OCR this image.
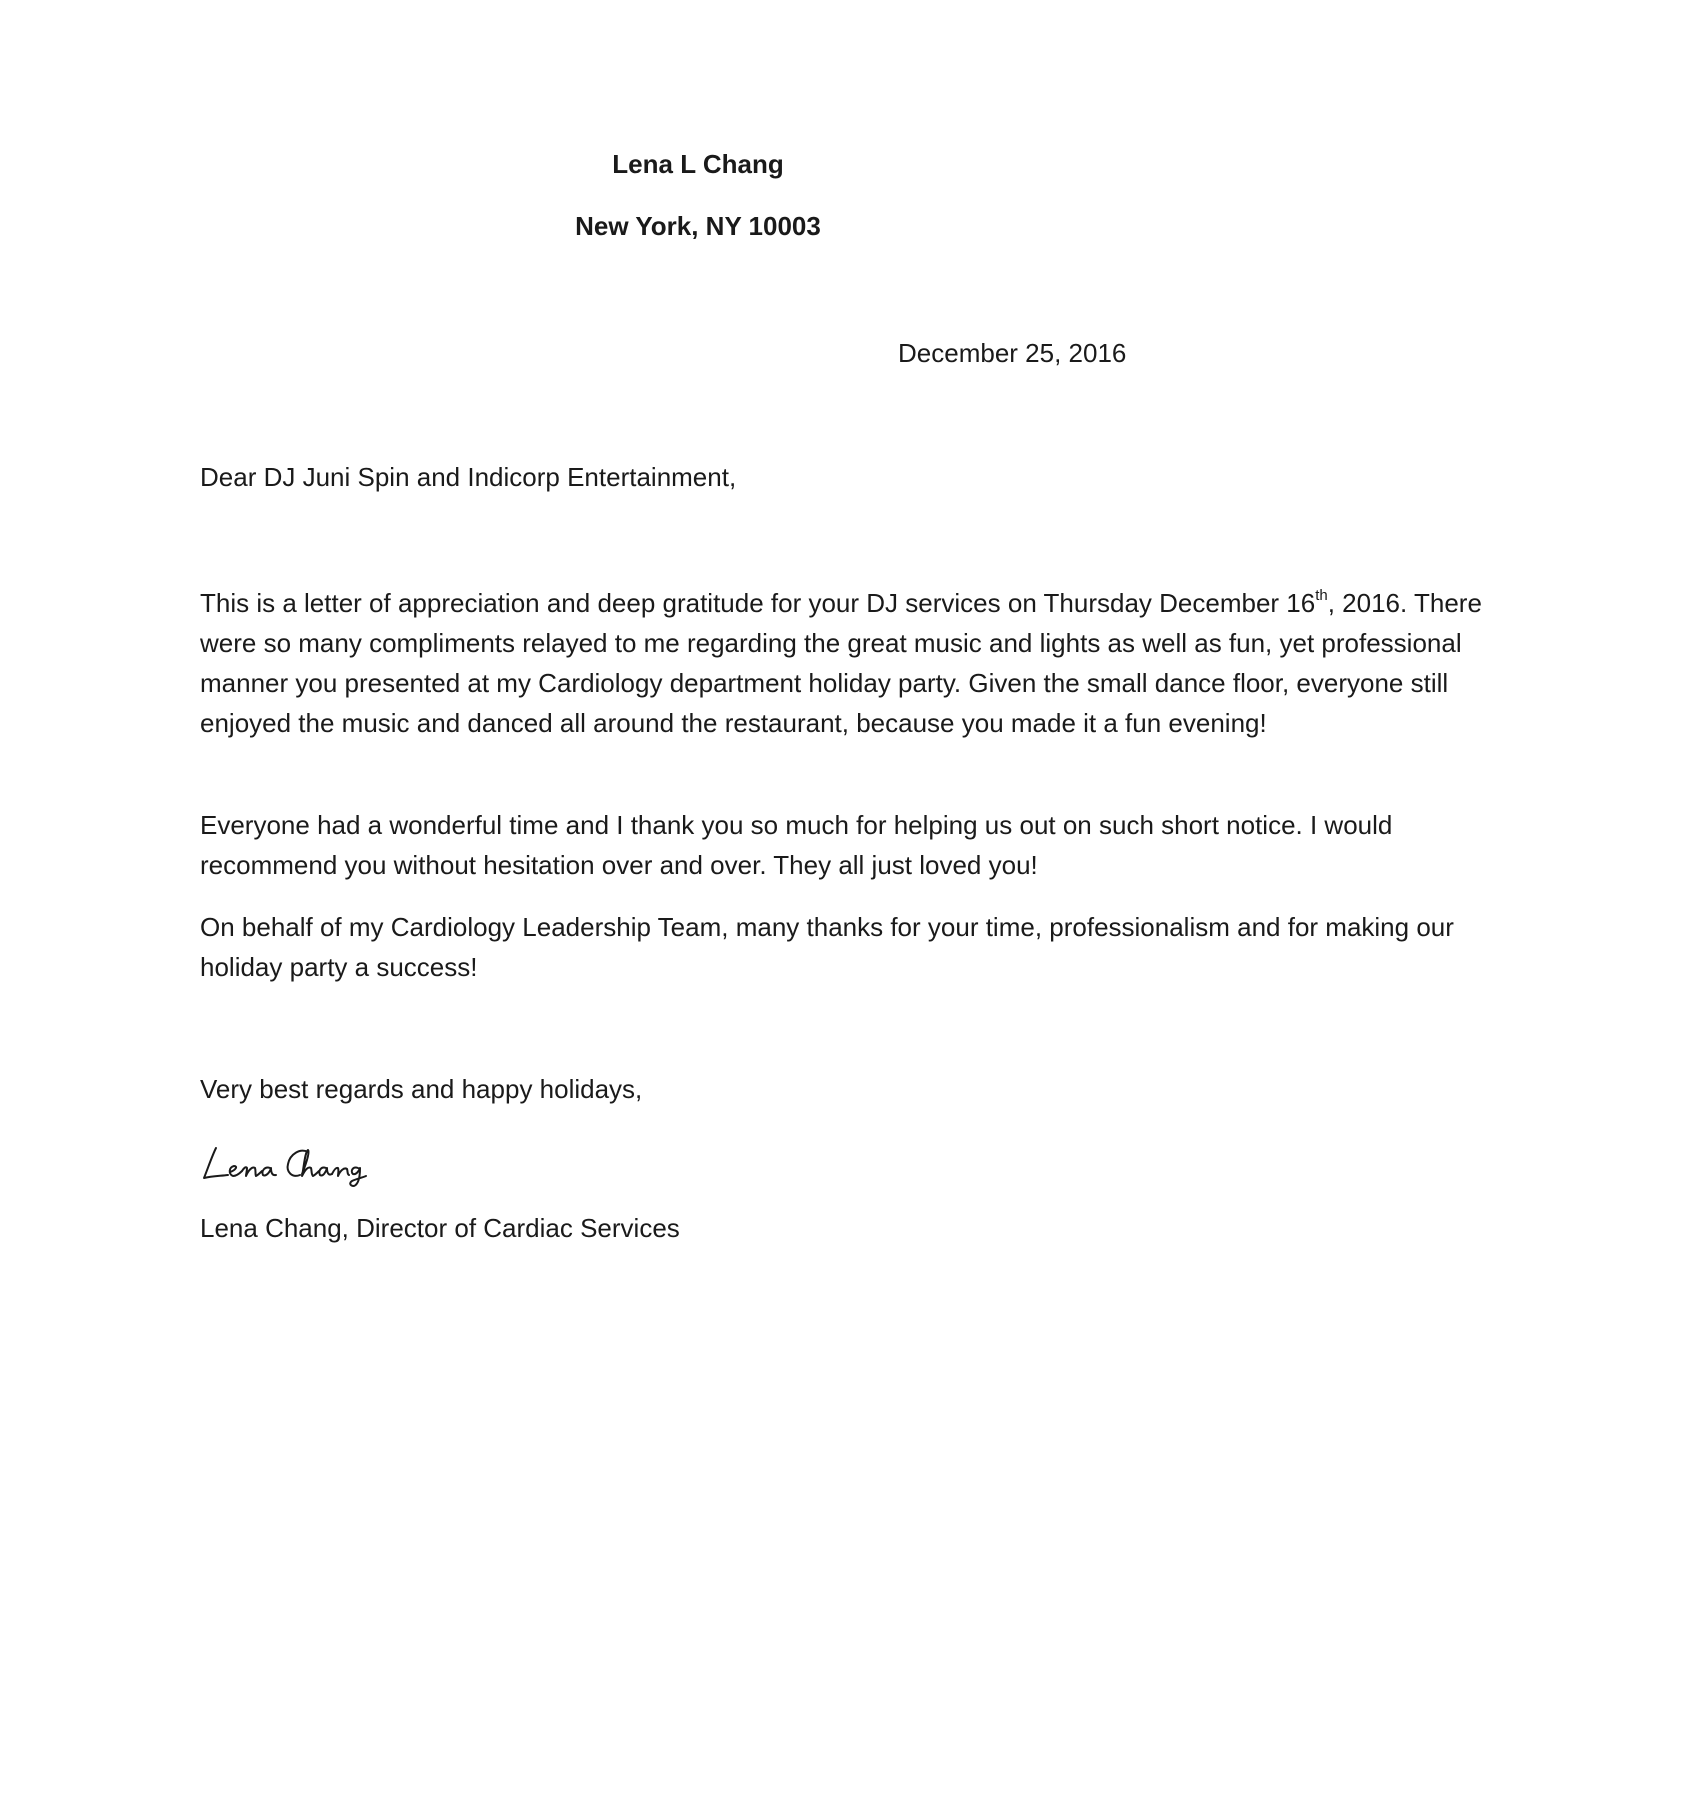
Lena L Chang
New York, NY 10003
December 25, 2016
Dear DJ Juni Spin and Indicorp Entertainment,
This is a letter of appreciation and deep gratitude for your DJ services on Thursday December 16th, 2016. There were so many compliments relayed to me regarding the great music and lights as well as fun, yet professional manner you presented at my Cardiology department holiday party. Given the small dance floor, everyone still enjoyed the music and danced all around the restaurant, because you made it a fun evening!
Everyone had a wonderful time and I thank you so much for helping us out on such short notice. I would recommend you without hesitation over and over. They all just loved you!
On behalf of my Cardiology Leadership Team, many thanks for your time, professionalism and for making our holiday party a success!
Very best regards and happy holidays,
Lena Chang, Director of Cardiac Services
